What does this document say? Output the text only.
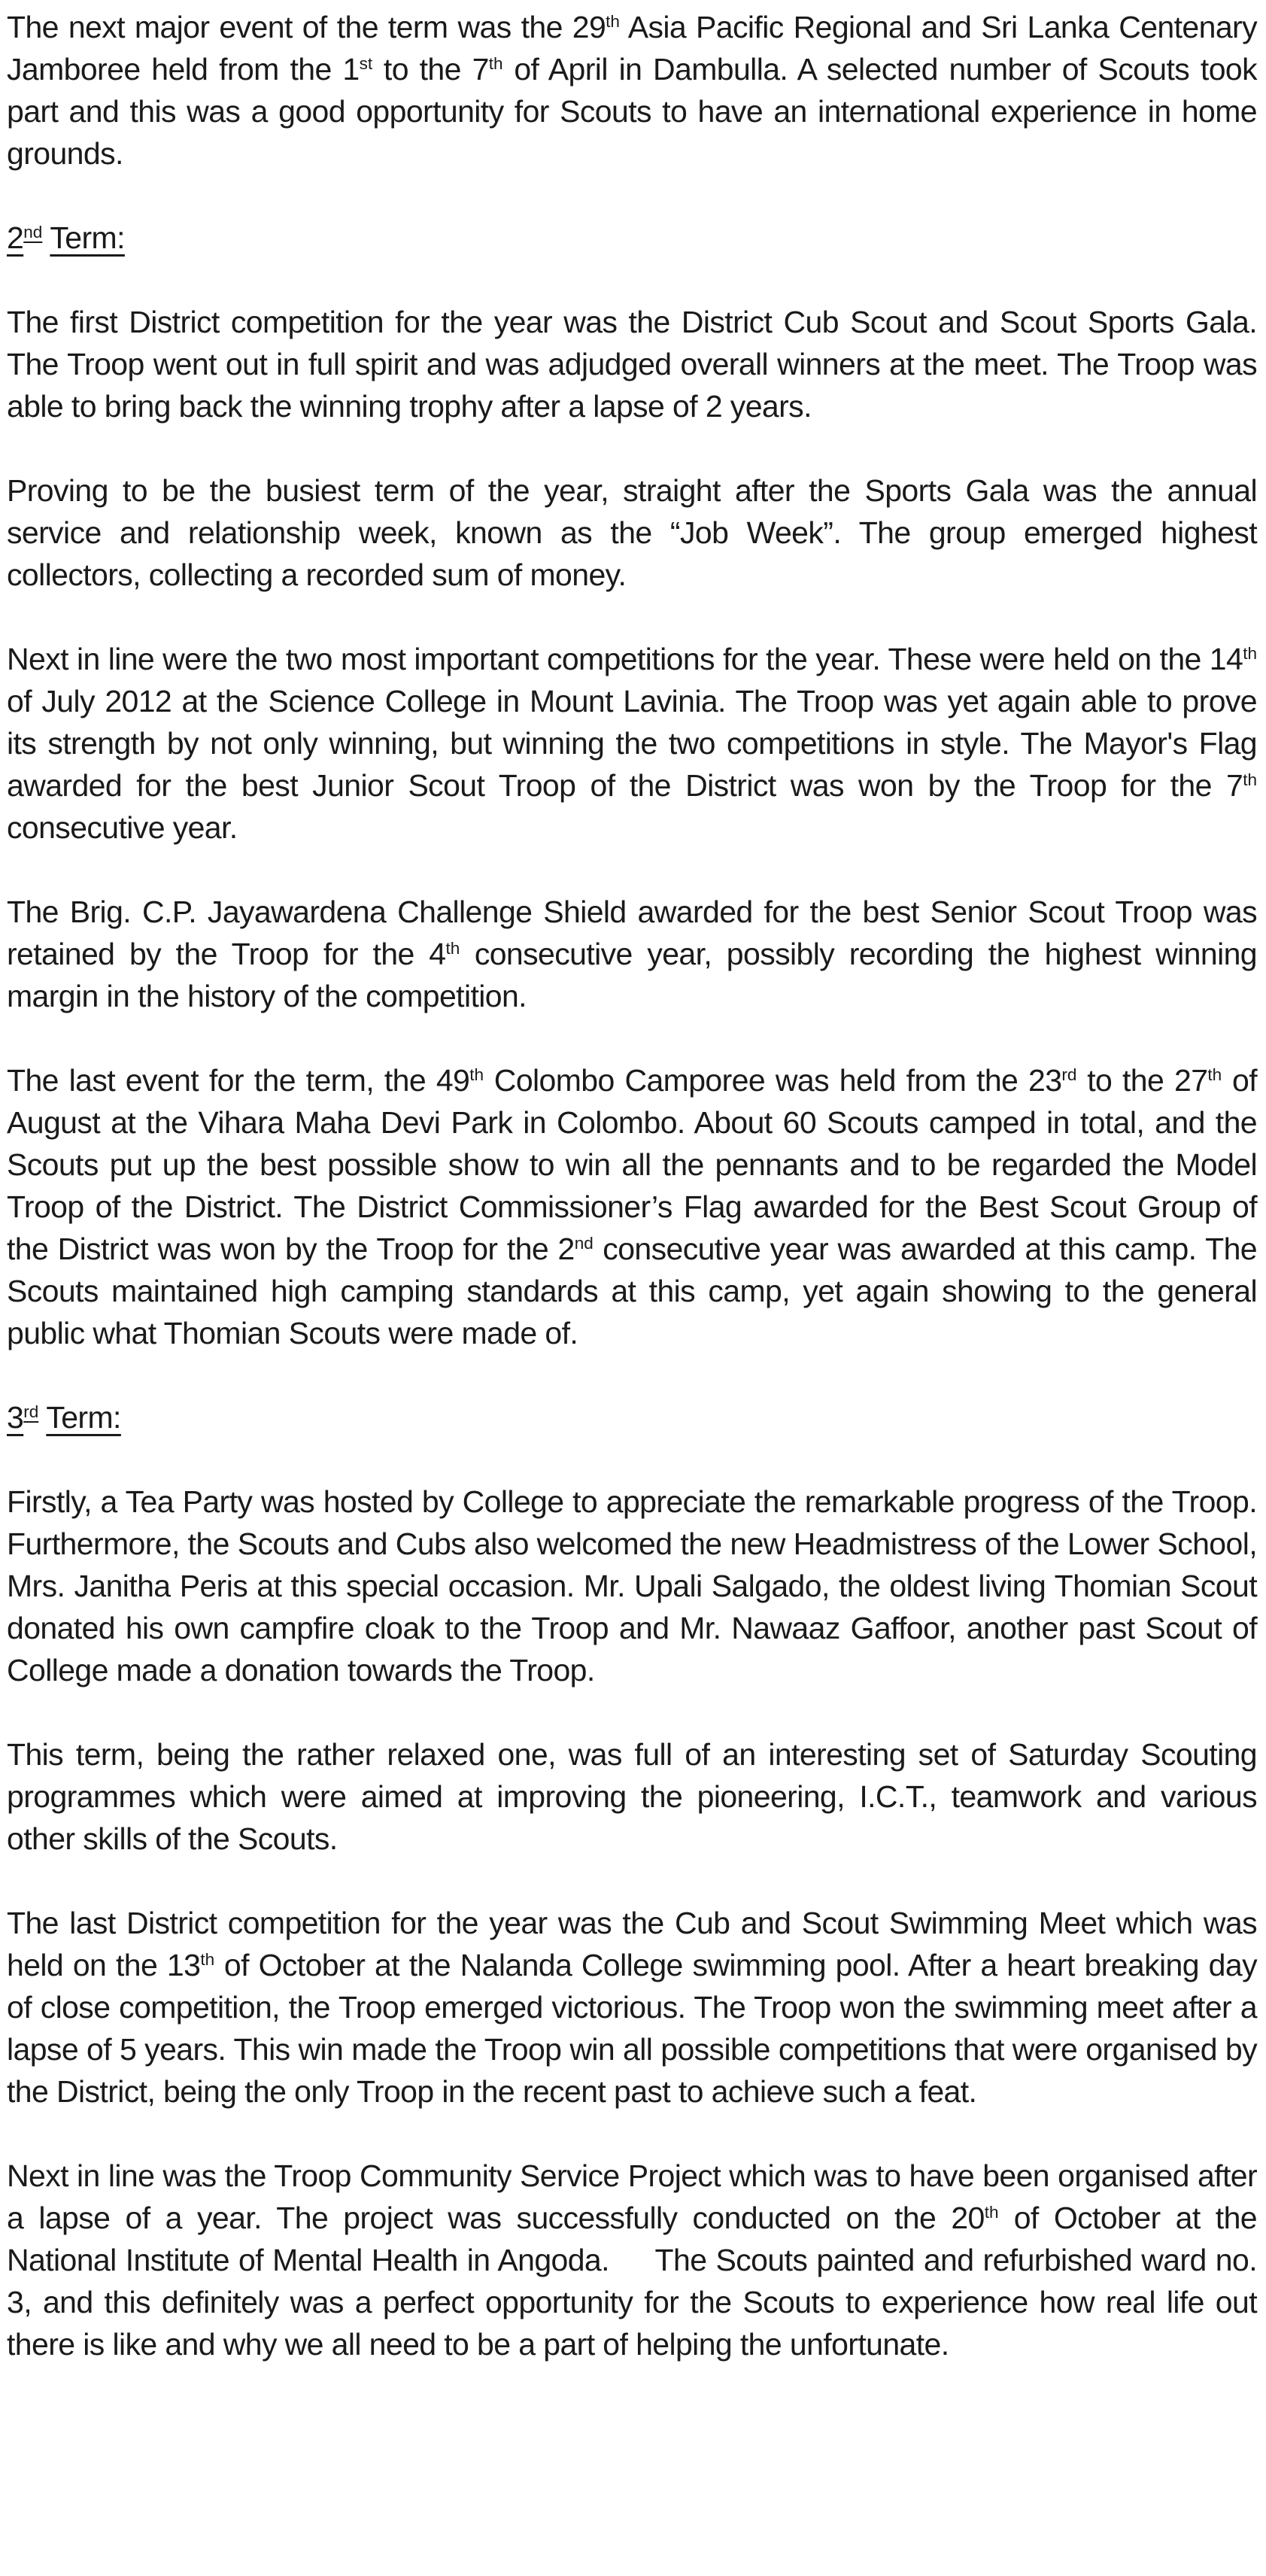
The next major event of the term was the 29th Asia Pacific Regional and Sri Lanka Centenary Jamboree held from the 1st to the 7th of April in Dambulla. A selected number of Scouts took part and this was a good opportunity for Scouts to have an international experience in home grounds.

2nd Term:

The first District competition for the year was the District Cub Scout and Scout Sports Gala. The Troop went out in full spirit and was adjudged overall winners at the meet. The Troop was able to bring back the winning trophy after a lapse of 2 years.

Proving to be the busiest term of the year, straight after the Sports Gala was the annual service and relationship week, known as the “Job Week”. The group emerged highest collectors, collecting a recorded sum of money.

Next in line were the two most important competitions for the year. These were held on the 14th of July 2012 at the Science College in Mount Lavinia. The Troop was yet again able to prove its strength by not only winning, but winning the two competitions in style. The Mayor's Flag awarded for the best Junior Scout Troop of the District was won by the Troop for the 7th consecutive year.

The Brig. C.P. Jayawardena Challenge Shield awarded for the best Senior Scout Troop was retained by the Troop for the 4th consecutive year, possibly recording the highest winning margin in the history of the competition.

The last event for the term, the 49th Colombo Camporee was held from the 23rd to the 27th of August at the Vihara Maha Devi Park in Colombo. About 60 Scouts camped in total, and the Scouts put up the best possible show to win all the pennants and to be regarded the Model Troop of the District. The District Commissioner’s Flag awarded for the Best Scout Group of the District was won by the Troop for the 2nd consecutive year was awarded at this camp. The Scouts maintained high camping standards at this camp, yet again showing to the general public what Thomian Scouts were made of.

3rd Term:

Firstly, a Tea Party was hosted by College to appreciate the remarkable progress of the Troop. Furthermore, the Scouts and Cubs also welcomed the new Headmistress of the Lower School, Mrs. Janitha Peris at this special occasion. Mr. Upali Salgado, the oldest living Thomian Scout donated his own campfire cloak to the Troop and Mr. Nawaaz Gaffoor, another past Scout of College made a donation towards the Troop.

This term, being the rather relaxed one, was full of an interesting set of Saturday Scouting programmes which were aimed at improving the pioneering, I.C.T., teamwork and various other skills of the Scouts.

The last District competition for the year was the Cub and Scout Swimming Meet which was held on the 13th of October at the Nalanda College swimming pool. After a heart breaking day of close competition, the Troop emerged victorious. The Troop won the swimming meet after a lapse of 5 years. This win made the Troop win all possible competitions that were organised by the District, being the only Troop in the recent past to achieve such a feat.

Next in line was the Troop Community Service Project which was to have been organised after a lapse of a year. The project was successfully conducted on the 20th of October at the National Institute of Mental Health in Angoda.     The Scouts painted and refurbished ward no. 3, and this definitely was a perfect opportunity for the Scouts to experience how real life out there is like and why we all need to be a part of helping the unfortunate.
